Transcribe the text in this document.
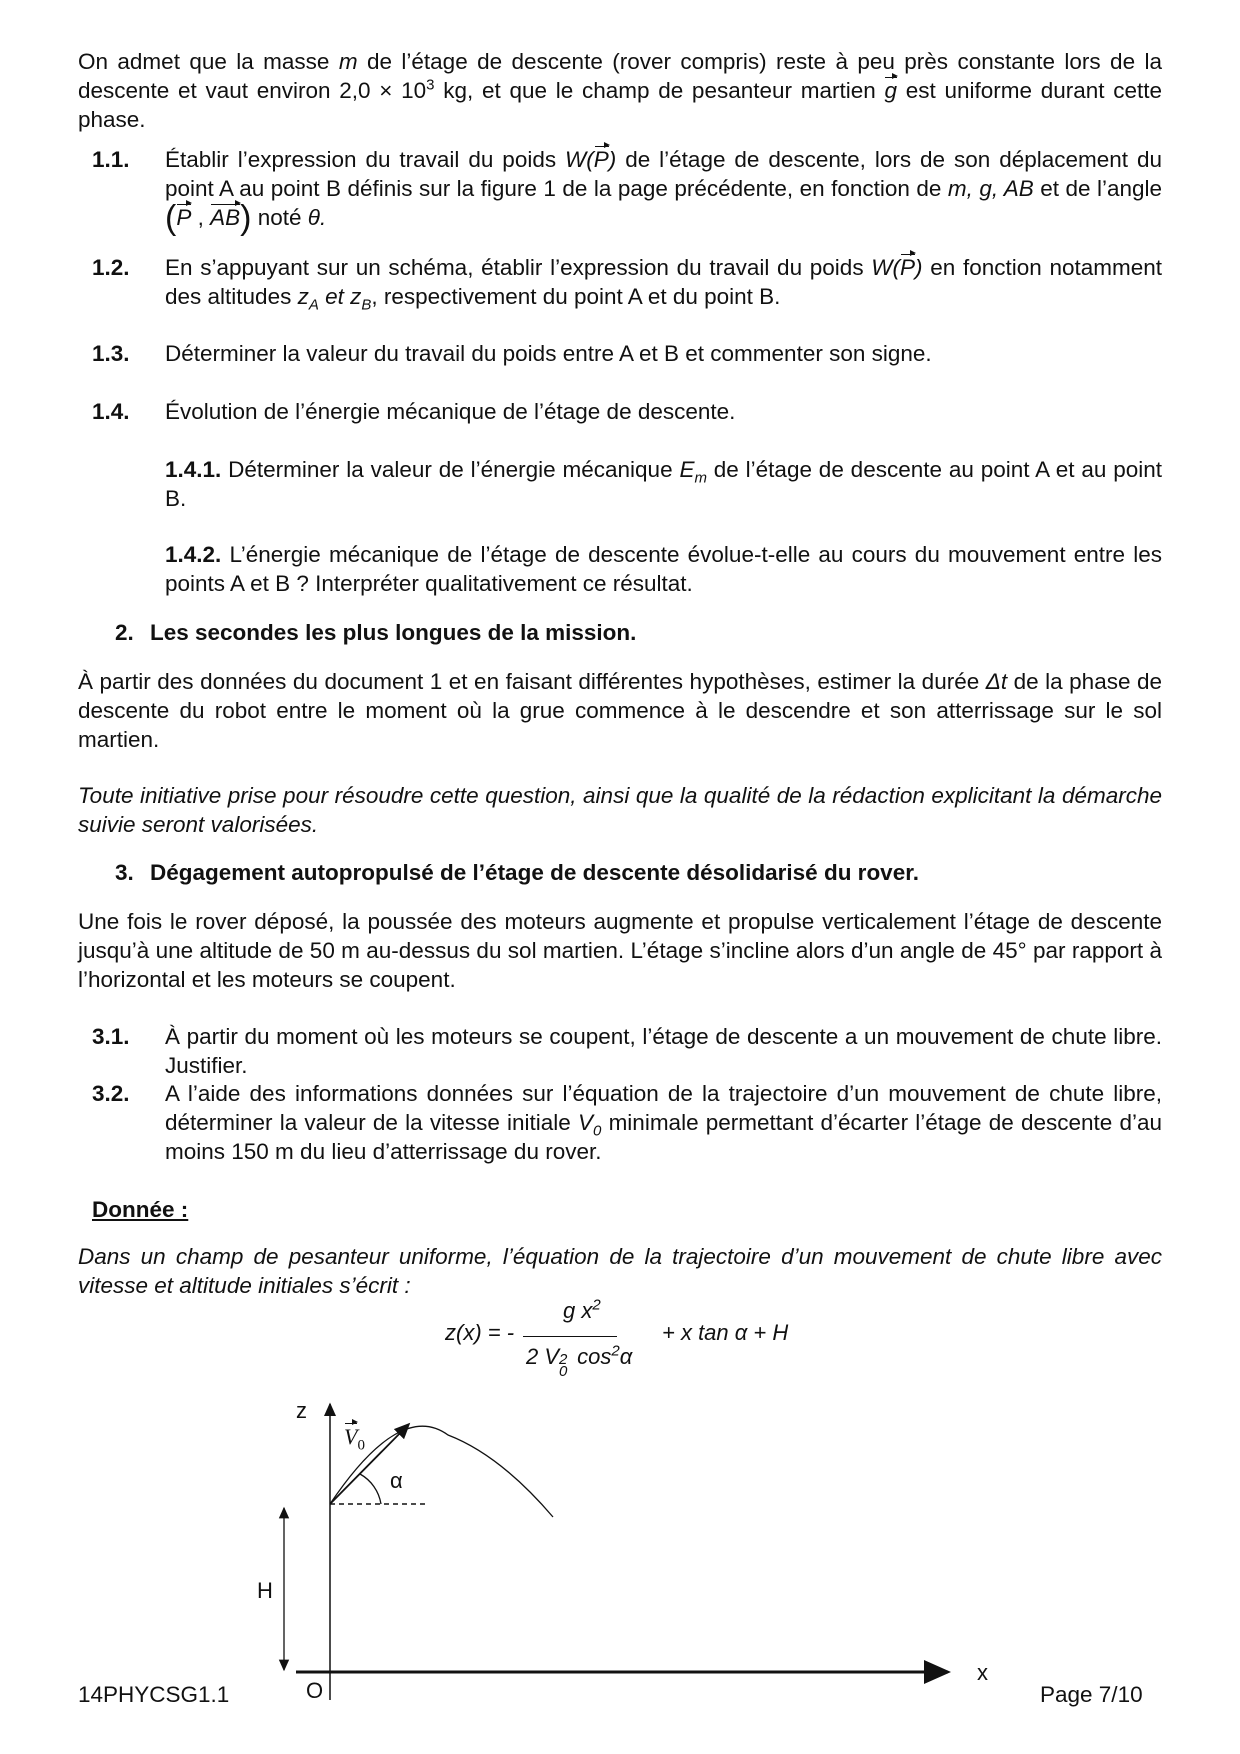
On admet que la masse m de l’étage de descente (rover compris) reste à peu près constante lors de la descente et vaut environ $2,0 \times 10^3$ kg, et que le champ de pesanteur martien g est uniforme durant cette phase.
1.1. Établir l’expression du travail du poids W(P) de l’étage de descente, lors de son déplacement du point A au point B définis sur la figure 1 de la page précédente, en fonction de m, g, AB et de l’angle (P , AB) noté θ.
1.2. En s’appuyant sur un schéma, établir l’expression du travail du poids W(P) en fonction notamment des altitudes $z_A$ et $z_B$, respectivement du point A et du point B.
1.3. Déterminer la valeur du travail du poids entre A et B et commenter son signe.
1.4. Évolution de l’énergie mécanique de l’étage de descente.
1.4.1. Déterminer la valeur de l’énergie mécanique $E_m$ de l’étage de descente au point A et au point B.
1.4.2. L’énergie mécanique de l’étage de descente évolue-t-elle au cours du mouvement entre les points A et B ? Interpréter qualitativement ce résultat.
2. Les secondes les plus longues de la mission.
À partir des données du document 1 et en faisant différentes hypothèses, estimer la durée Δt de la phase de descente du robot entre le moment où la grue commence à le descendre et son atterrissage sur le sol martien.
Toute initiative prise pour résoudre cette question, ainsi que la qualité de la rédaction explicitant la démarche suivie seront valorisées.
3. Dégagement autopropulsé de l’étage de descente désolidarisé du rover.
Une fois le rover déposé, la poussée des moteurs augmente et propulse verticalement l’étage de descente jusqu’à une altitude de 50 m au-dessus du sol martien. L’étage s’incline alors d’un angle de 45° par rapport à l’horizontal et les moteurs se coupent.
3.1. À partir du moment où les moteurs se coupent, l’étage de descente a un mouvement de chute libre. Justifier.
3.2. A l’aide des informations données sur l’équation de la trajectoire d’un mouvement de chute libre, déterminer la valeur de la vitesse initiale $V_0$ minimale permettant d’écarter l’étage de descente d’au moins 150 m du lieu d’atterrissage du rover.
Donnée :
Dans un champ de pesanteur uniforme, l’équation de la trajectoire d’un mouvement de chute libre avec vitesse et altitude initiales s’écrit :
z(x) = -
g $x^2$
2 V 2
0
$\cos^2\alpha$
+ x tan α + H
z
x
O
H
α
$V_0$
14PHYCSG1.1	Page 7/10
